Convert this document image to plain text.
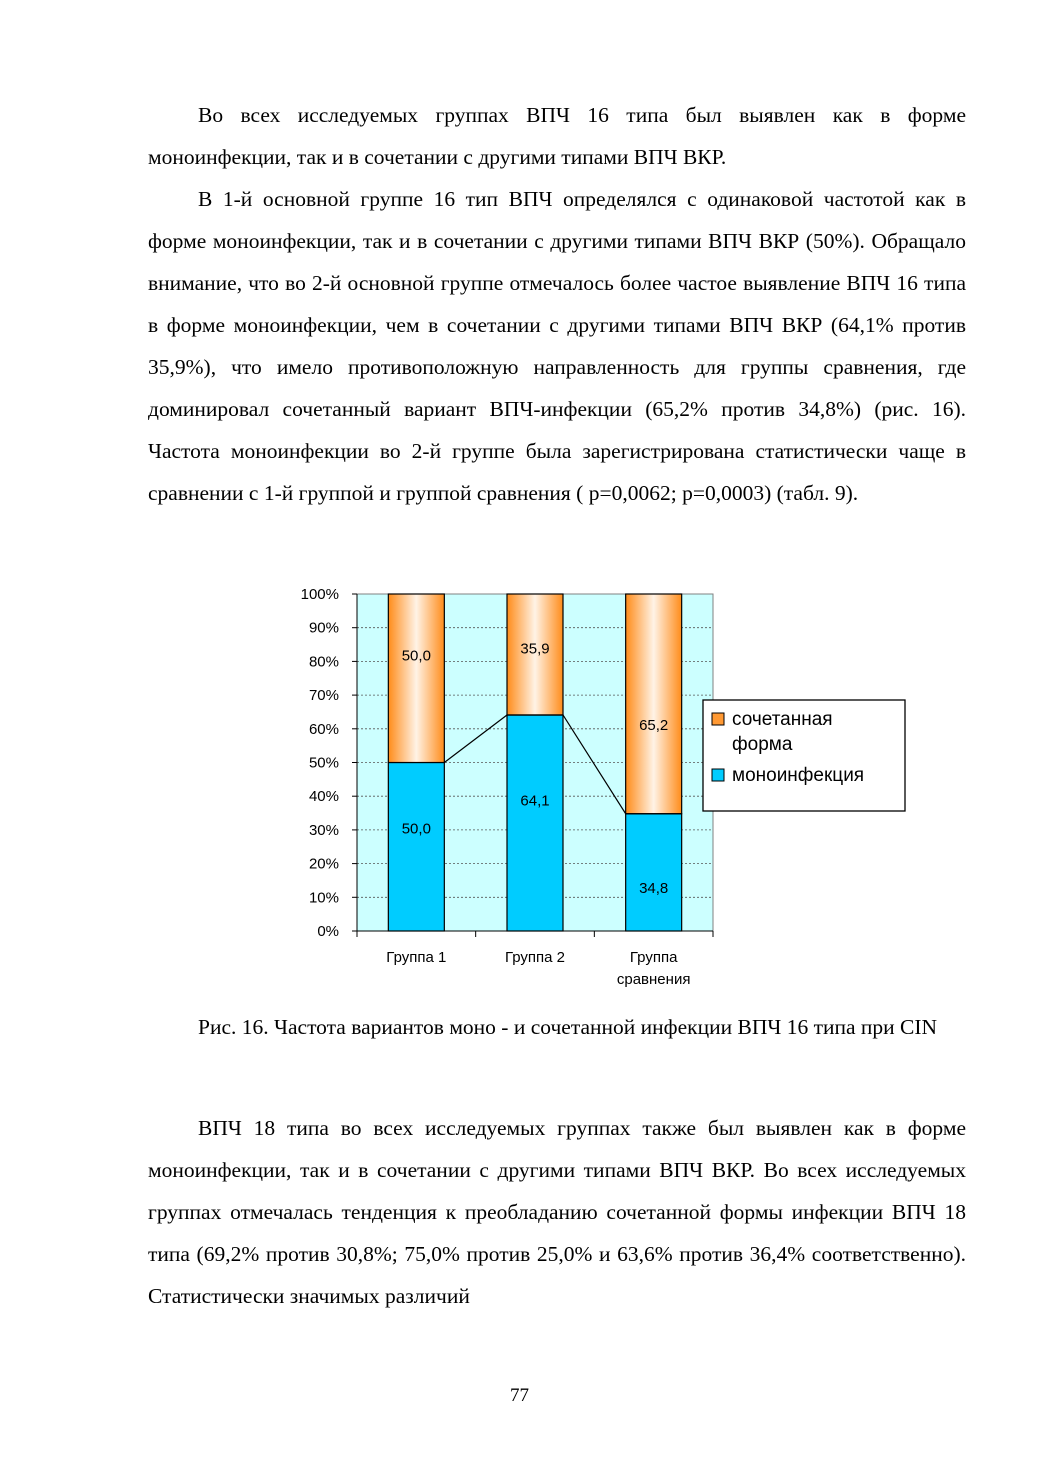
Во всех исследуемых группах ВПЧ 16 типа был выявлен как в форме моноинфекции, так и в сочетании с другими типами ВПЧ ВКР.

В 1-й основной группе 16 тип ВПЧ определялся с одинаковой частотой как в форме моноинфекции, так и в сочетании с другими типами ВПЧ ВКР (50%). Обращало внимание, что во 2-й основной группе отмечалось более частое выявление ВПЧ 16 типа в форме моноинфекции, чем в сочетании с другими типами ВПЧ ВКР (64,1% против 35,9%), что имело противоположную направленность для группы сравнения, где доминировал сочетанный вариант ВПЧ-инфекции (65,2% против 34,8%) (рис. 16). Частота моноинфекции во 2-й группе была зарегистрирована статистически чаще в сравнении с 1-й группой и группой сравнения ( p=0,0062; p=0,0003) (табл. 9).

0%
10%
20%
30%
40%
50%
60%
70%
80%
90%
100%
50,0
50,0
Группа 1
64,1
35,9
Группа 2
34,8
65,2
Группа
сравнения
сочетанная
форма
моноинфекция

Рис. 16. Частота вариантов моно - и сочетанной инфекции ВПЧ 16 типа при CIN

ВПЧ 18 типа во всех исследуемых группах также был выявлен как в форме моноинфекции, так и в сочетании с другими типами ВПЧ ВКР. Во всех исследуемых группах отмечалась тенденция к преобладанию сочетанной формы инфекции ВПЧ 18 типа (69,2% против 30,8%; 75,0% против 25,0% и 63,6% против 36,4% соответственно). Статистически значимых различий

77
